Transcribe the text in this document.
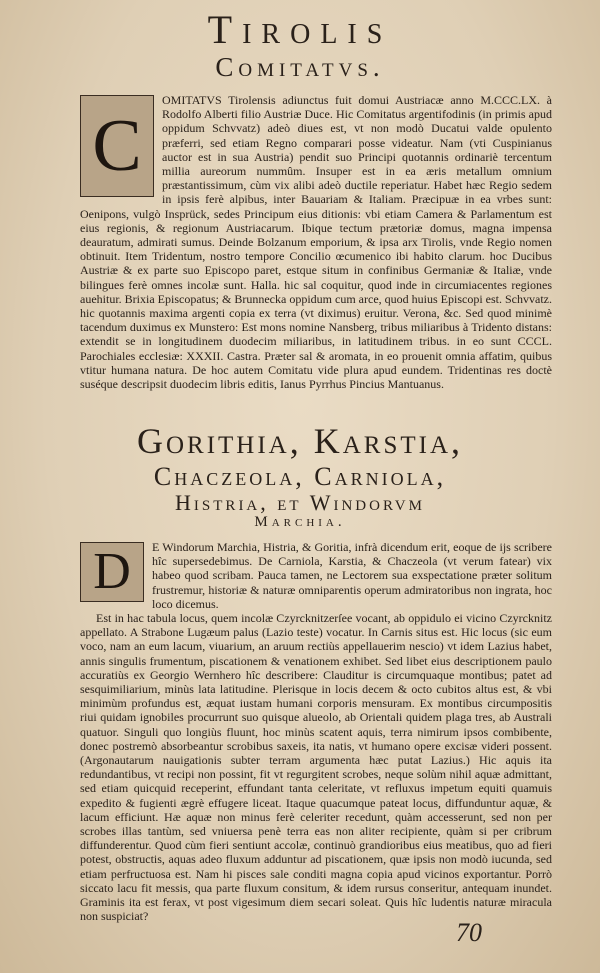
Tirolis
Comitatvs.
C

OMITATVS Tirolensis adiunctus fuit domui Austriacæ anno M.CCC.LX. à Rodolfo Alberti filio Austriæ Duce. Hic Comitatus argentifodinis (in primis apud oppidum Schvvatz) adeò diues est, vt non modò Ducatui valde opulento præferri, sed etiam Regno comparari posse videatur. Nam (vti Cuspinianus auctor est in sua Austria) pendit suo Principi quotannis ordinariè tercentum millia aureorum nummûm. Insuper est in ea æris metallum omnium præstantissimum, cùm vix alibi adeò ductile reperiatur. Habet hæc Regio sedem in ipsis ferè alpibus, inter Bauariam & Italiam. Præcipuæ in ea vrbes sunt: Oenipons, vulgò Insprück, sedes Principum eius ditionis: vbi etiam Camera & Parlamentum est eius regionis, & regionum Austriacarum. Ibique tectum prætoriæ domus, magna impensa deauratum, admirati sumus. Deinde Bolzanum emporium, & ipsa arx Tirolis, vnde Regio nomen obtinuit. Item Tridentum, nostro tempore Concilio œcumenico ibi habito clarum. hoc Ducibus Austriæ & ex parte suo Episcopo paret, estque situm in confinibus Germaniæ & Italiæ, vnde bilingues ferè omnes incolæ sunt. Halla. hic sal coquitur, quod inde in circumiacentes regiones auehitur. Brixia Episcopatus; & Brunnecka oppidum cum arce, quod huius Episcopi est. Schvvatz. hic quotannis maxima argenti copia ex terra (vt diximus) eruitur. Verona, &c. Sed quod minimè tacendum duximus ex Munstero: Est mons nomine Nansberg, tribus miliaribus à Tridento distans: extendit se in longitudinem duodecim miliaribus, in latitudinem tribus. in eo sunt CCCL. Parochiales ecclesiæ: XXXII. Castra. Præter sal & aromata, in eo prouenit omnia affatim, quibus vtitur humana natura. De hoc autem Comitatu vide plura apud eundem. Tridentinas res doctè suséque descripsit duodecim libris editis, Ianus Pyrrhus Pincius Mantuanus.

Gorithia, Karstia,
Chaczeola, Carniola,
Histria, et Windorvm
Marchia.
D	E Windorum Marchia, Histria, & Goritia, infrà dicendum erit, eoque de ijs scribere hîc supersedebimus. De Carniola, Karstia, & Chaczeola (vt verum fatear) vix habeo quod scribam. Pauca tamen, ne Lectorem sua exspectatione præter solitum frustremur, historiæ & naturæ omniparentis operum admiratoribus non ingrata, hoc loco dicemus.

Est in hac tabula locus, quem incolæ Czyrcknitzerſee vocant, ab oppidulo ei vicino Czyrcknitz appellato. A Strabone Lugæum palus (Lazio teste) vocatur. In Carnis situs est. Hic locus (sic eum voco, nam an eum lacum, viuarium, an aruum rectiùs appellauerim nescio) vt idem Lazius habet, annis singulis frumentum, piscationem & venationem exhibet. Sed libet eius descriptionem paulo accuratiùs ex Georgio Wernhero hîc describere: Clauditur is circumquaque montibus; patet ad sesquimiliarium, minùs lata latitudine. Plerisque in locis decem & octo cubitos altus est, & vbi minimùm profundus est, æquat iustam humani corporis mensuram. Ex montibus circumpositis riui quidam ignobiles procurrunt suo quisque alueolo, ab Orientali quidem plaga tres, ab Australi quatuor. Singuli quo longiùs fluunt, hoc minùs scatent aquis, terra nimirum ipsos combibente, donec postremò absorbeantur scrobibus saxeis, ita natis, vt humano opere excisæ videri possent. (Argonautarum nauigationis subter terram argumenta hæc putat Lazius.) Hic aquis ita redundantibus, vt recipi non possint, fit vt regurgitent scrobes, neque solùm nihil aquæ admittant, sed etiam quicquid receperint, effundant tanta celeritate, vt refluxus impetum equiti quamuis expedito & fugienti ægrè effugere liceat. Itaque quacumque pateat locus, diffunduntur aquæ, & lacum efficiunt. Hæ aquæ non minus ferè celeriter recedunt, quàm accesserunt, sed non per scrobes illas tantùm, sed vniuersa penè terra eas non aliter recipiente, quàm si per cribrum diffunderentur. Quod cùm fieri sentiunt accolæ, continuò grandioribus eius meatibus, quo ad fieri potest, obstructis, aquas adeo fluxum adduntur ad piscationem, quæ ipsis non modò iucunda, sed etiam perfructuosa est. Nam hi pisces sale conditi magna copia apud vicinos exportantur. Porrò siccato lacu fit messis, qua parte fluxum consitum, & idem rursus conseritur, antequam inundet. Graminis ita est ferax, vt post vigesimum diem secari soleat. Quis hîc ludentis naturæ miracula non suspiciat?

70
